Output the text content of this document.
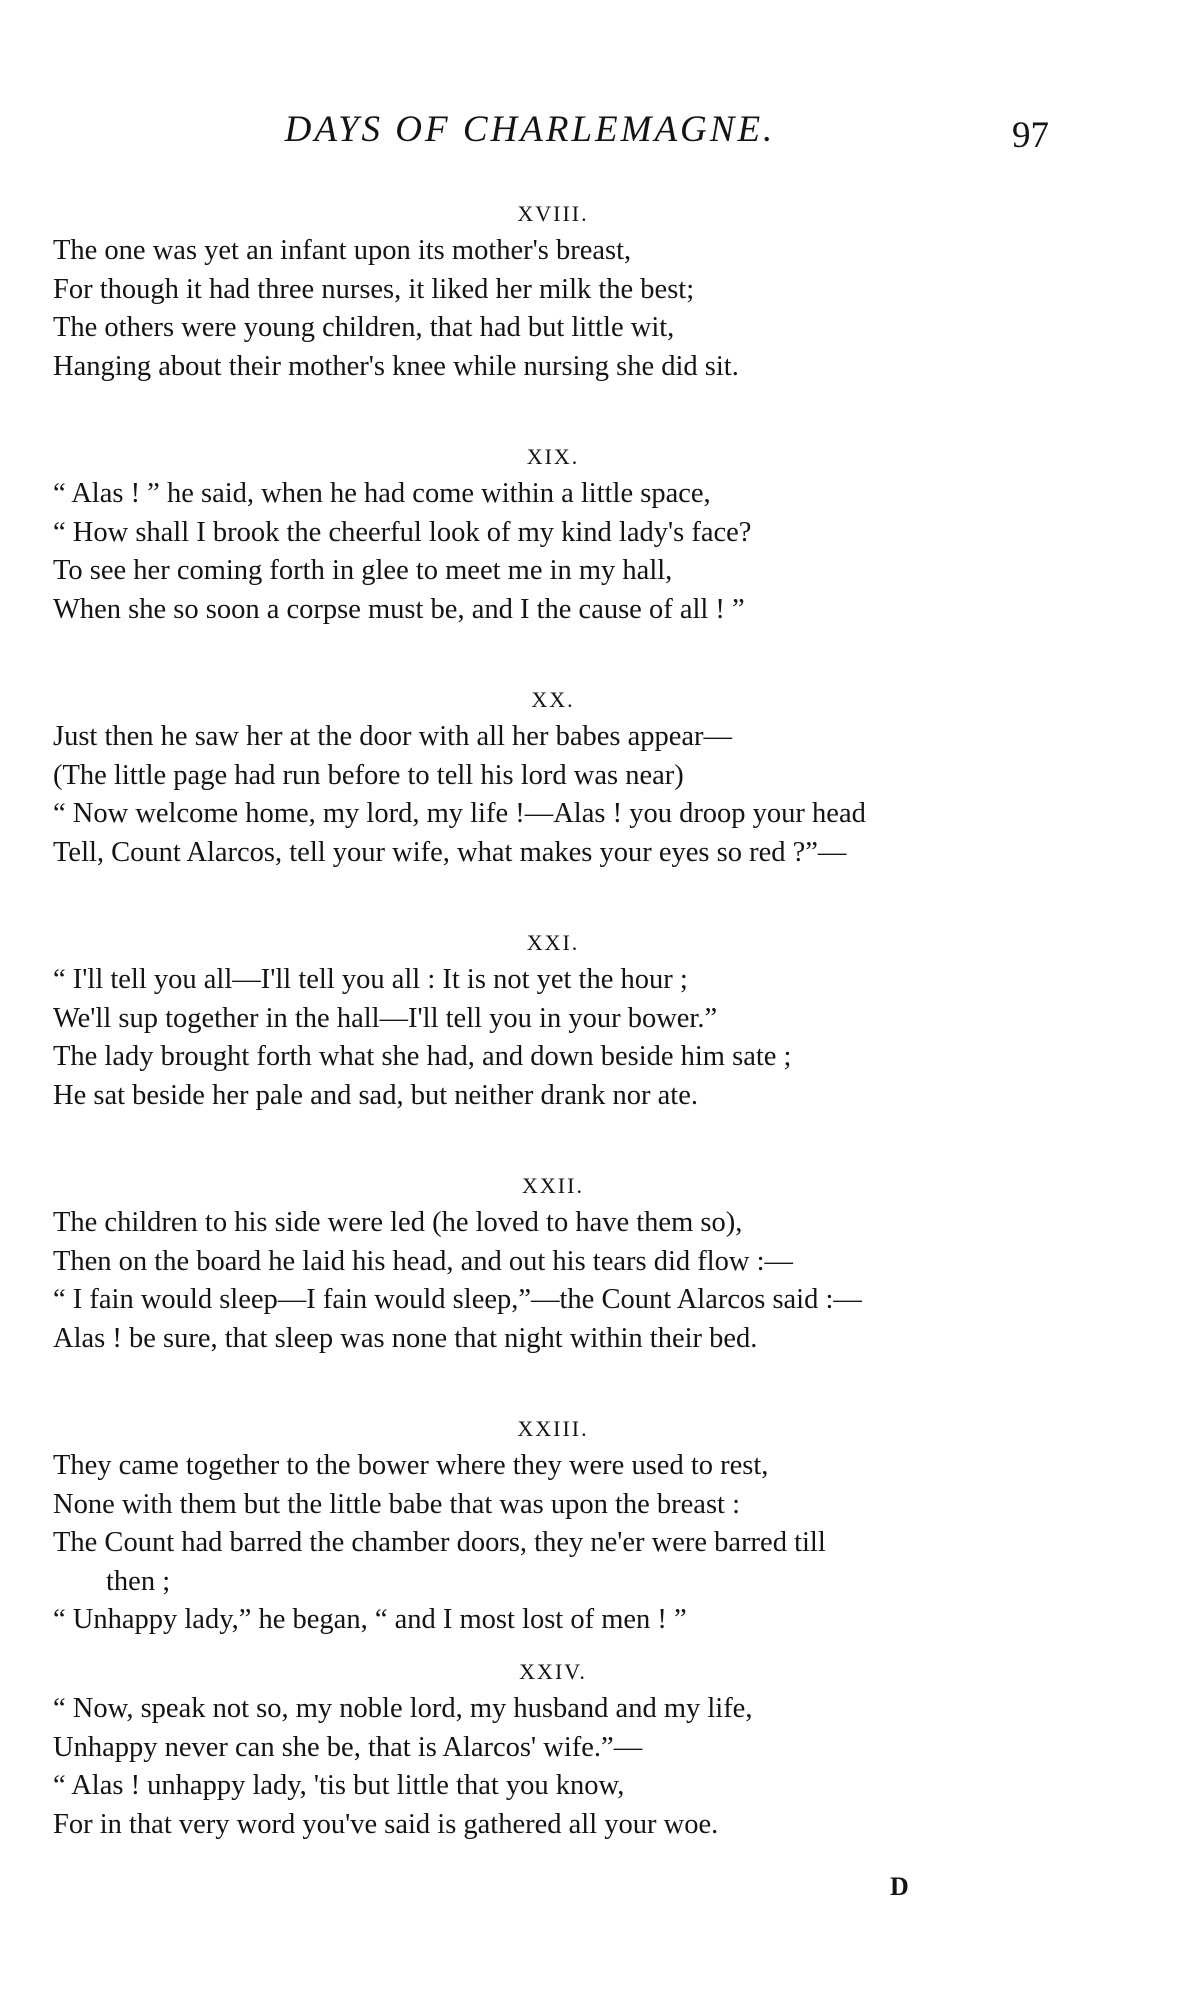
DAYS OF CHARLEMAGNE.	97
XVIII.
The one was yet an infant upon its mother's breast,
For though it had three nurses, it liked her milk the best;
The others were young children, that had but little wit,
Hanging about their mother's knee while nursing she did sit.
XIX.
“ Alas ! ” he said, when he had come within a little space,
“ How shall I brook the cheerful look of my kind lady's face?
To see her coming forth in glee to meet me in my hall,
When she so soon a corpse must be, and I the cause of all ! ”
XX.
Just then he saw her at the door with all her babes appear—
(The little page had run before to tell his lord was near)
“ Now welcome home, my lord, my life !—Alas ! you droop your head
Tell, Count Alarcos, tell your wife, what makes your eyes so red ?”—
XXI.
“ I'll tell you all—I'll tell you all : It is not yet the hour ;
We'll sup together in the hall—I'll tell you in your bower.”
The lady brought forth what she had, and down beside him sate ;
He sat beside her pale and sad, but neither drank nor ate.
XXII.
The children to his side were led (he loved to have them so),
Then on the board he laid his head, and out his tears did flow :—
“ I fain would sleep—I fain would sleep,”—the Count Alarcos said :—
Alas ! be sure, that sleep was none that night within their bed.
XXIII.
They came together to the bower where they were used to rest,
None with them but the little babe that was upon the breast :
The Count had barred the chamber doors, they ne'er were barred till
then ;
“ Unhappy lady,” he began, “ and I most lost of men ! ”
XXIV.
“ Now, speak not so, my noble lord, my husband and my life,
Unhappy never can she be, that is Alarcos' wife.”—
“ Alas ! unhappy lady, 'tis but little that you know,
For in that very word you've said is gathered all your woe.
D
